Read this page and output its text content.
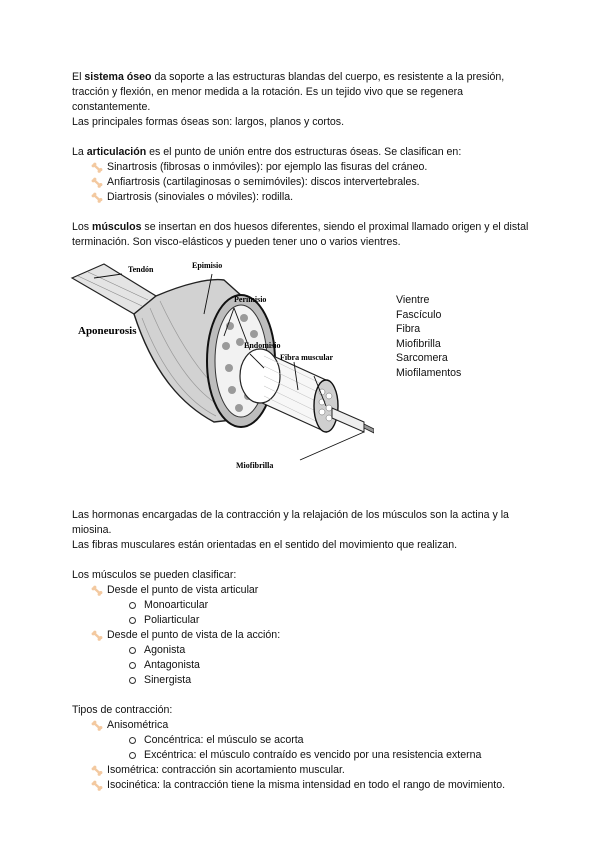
El sistema óseo da soporte a las estructuras blandas del cuerpo, es resistente a la presión, tracción y flexión, en menor medida a la rotación. Es un tejido vivo que se regenera constantemente.

Las principales formas óseas son: largos, planos y cortos.

La articulación es el punto de unión entre dos estructuras óseas. Se clasifican en:

Sinartrosis (fibrosas o inmóviles): por ejemplo las fisuras del cráneo.
Anfiartrosis (cartilaginosas o semimóviles): discos intervertebrales.
Diartrosis (sinoviales o móviles): rodilla.

Los músculos se insertan en dos huesos diferentes, siendo el proximal llamado origen y el distal terminación. Son visco-elásticos y pueden tener uno o varios vientres.

Tendón	Epimisio
Perimisio
Aponeurosis
Endomisio
Fibra muscular
Miofibrilla
Vientre
Fascículo
Fibra
Miofibrilla
Sarcomera
Miofilamentos

Las hormonas encargadas de la contracción y la relajación de los músculos son la actina y la miosina.

Las fibras musculares están orientadas en el sentido del movimiento que realizan.

Los músculos se pueden clasificar:

Desde el punto de vista articular
Monoarticular
Poliarticular
Desde el punto de vista de la acción:
Agonista
Antagonista
Sinergista

Tipos de contracción:

Anisométrica
Concéntrica: el músculo se acorta
Excéntrica: el músculo contraído es vencido por una resistencia externa
Isométrica: contracción sin acortamiento muscular.
Isocinética: la contracción tiene la misma intensidad en todo el rango de movimiento.
